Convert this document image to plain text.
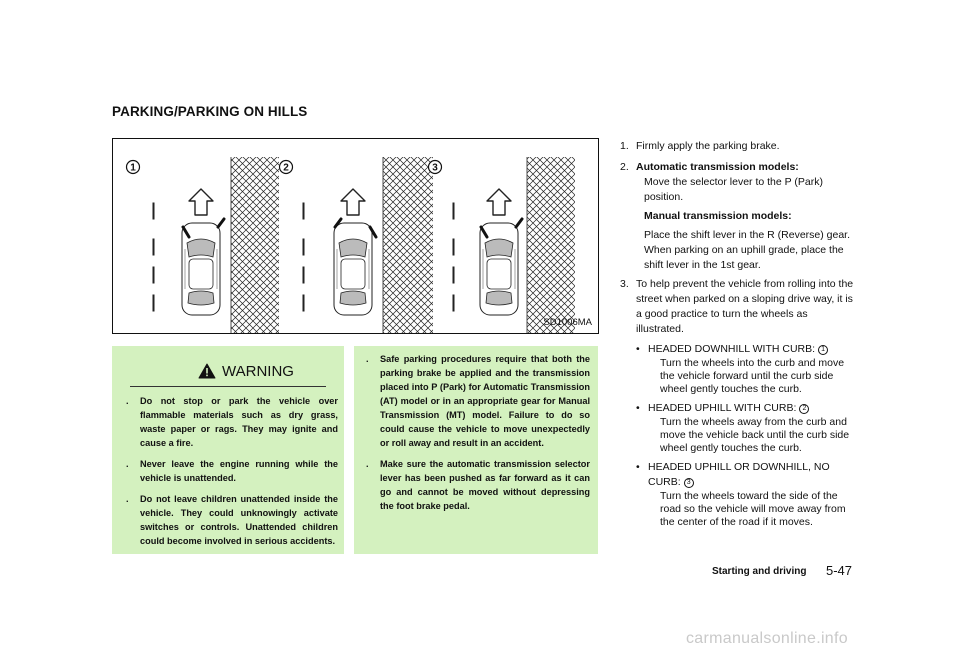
PARKING/PARKING ON HILLS
1	2	3
SD1006MA
WARNING
. Do not stop or park the vehicle over flammable materials such as dry grass, waste paper or rags. They may ignite and cause a fire.
. Never leave the engine running while the vehicle is unattended.
. Do not leave children unattended inside the vehicle. They could unknowingly activate switches or controls. Unattended children could become involved in serious accidents.
. Safe parking procedures require that both the parking brake be applied and the transmission placed into P (Park) for Automatic Transmission (AT) model or in an appropriate gear for Manual Transmission (MT) model. Failure to do so could cause the vehicle to move unexpectedly or roll away and result in an accident.
. Make sure the automatic transmission selector lever has been pushed as far forward as it can go and cannot be moved without depressing the foot brake pedal.
1. Firmly apply the parking brake.

2. Automatic transmission models:

Move the selector lever to the P (Park) position.

Manual transmission models:

Place the shift lever in the R (Reverse) gear. When parking on an uphill grade, place the shift lever in the 1st gear.

3. To help prevent the vehicle from rolling into the street when parked on a sloping drive way, it is a good practice to turn the wheels as illustrated.

• HEADED DOWNHILL WITH CURB: 1
Turn the wheels into the curb and move the vehicle forward until the curb side wheel gently touches the curb.
• HEADED UPHILL WITH CURB: 2
Turn the wheels away from the curb and move the vehicle back until the curb side wheel gently touches the curb.
• HEADED UPHILL OR DOWNHILL, NO CURB: 3
Turn the wheels toward the side of the road so the vehicle will move away from the center of the road if it moves.
Starting and driving 5-47
carmanualsonline.info
